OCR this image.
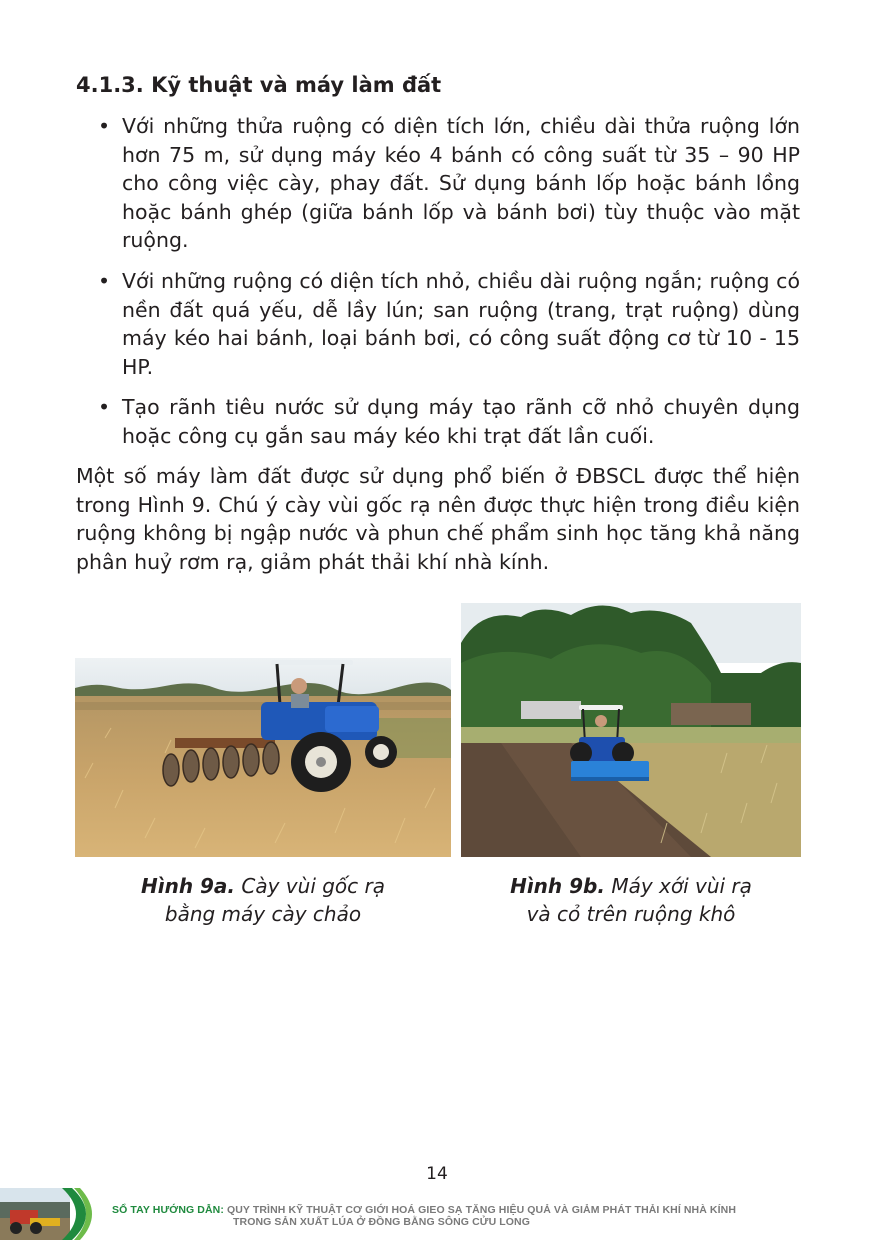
4.1.3. Kỹ thuật và máy làm đất
• Với những thửa ruộng có diện tích lớn, chiều dài thửa ruộng lớn hơn 75 m, sử dụng máy kéo 4 bánh có công suất từ 35 – 90 HP cho công việc cày, phay đất. Sử dụng bánh lốp hoặc bánh lồng hoặc bánh ghép (giữa bánh lốp và bánh bơi) tùy thuộc vào mặt ruộng.
• Với những ruộng có diện tích nhỏ, chiều dài ruộng ngắn; ruộng có nền đất quá yếu, dễ lầy lún; san ruộng (trang, trạt ruộng) dùng máy kéo hai bánh, loại bánh bơi, có công suất động cơ từ 10 - 15 HP.
• Tạo rãnh tiêu nước sử dụng máy tạo rãnh cỡ nhỏ chuyên dụng hoặc công cụ gắn sau máy kéo khi trạt đất lần cuối.

Một số máy làm đất được sử dụng phổ biến ở ĐBSCL được thể hiện trong Hình 9. Chú ý cày vùi gốc rạ nên được thực hiện trong điều kiện ruộng không bị ngập nước và phun chế phẩm sinh học tăng khả năng phân huỷ rơm rạ, giảm phát thải khí nhà kính.

Hình 9a. Cày vùi gốc rạ
bằng máy cày chảo
Hình 9b. Máy xới vùi rạ
và cỏ trên ruộng khô
14
SỔ TAY HƯỚNG DẪN: QUY TRÌNH KỸ THUẬT CƠ GIỚI HOÁ GIEO SẠ TĂNG HIỆU QUẢ VÀ GIẢM PHÁT THẢI KHÍ NHÀ KÍNH
TRONG SẢN XUẤT LÚA Ở ĐỒNG BẰNG SÔNG CỬU LONG
